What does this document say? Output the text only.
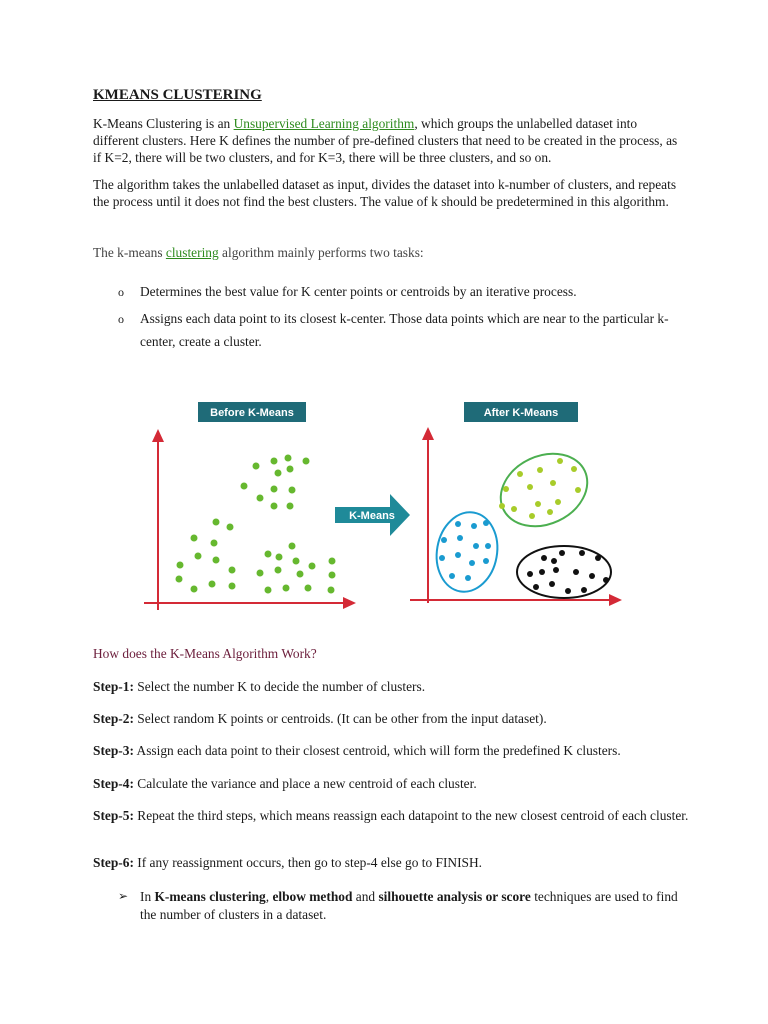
KMEANS CLUSTERING
K-Means Clustering is an Unsupervised Learning algorithm, which groups the unlabelled dataset into different clusters. Here K defines the number of pre-defined clusters that need to be created in the process, as if K=2, there will be two clusters, and for K=3, there will be three clusters, and so on.
The algorithm takes the unlabelled dataset as input, divides the dataset into k-number of clusters, and repeats the process until it does not find the best clusters. The value of k should be predetermined in this algorithm.
The k-means clustering algorithm mainly performs two tasks:
o Determines the best value for K center points or centroids by an iterative process.
o Assigns each data point to its closest k-center. Those data points which are near to the particular k-center, create a cluster.
Before K-Means	After K-Means
K-Means
How does the K-Means Algorithm Work?
Step-1: Select the number K to decide the number of clusters.
Step-2: Select random K points or centroids. (It can be other from the input dataset).
Step-3: Assign each data point to their closest centroid, which will form the predefined K clusters.
Step-4: Calculate the variance and place a new centroid of each cluster.
Step-5: Repeat the third steps, which means reassign each datapoint to the new closest centroid of each cluster.
Step-6: If any reassignment occurs, then go to step-4 else go to FINISH.
➢ In K-means clustering, elbow method and silhouette analysis or score techniques are used to find the number of clusters in a dataset.
